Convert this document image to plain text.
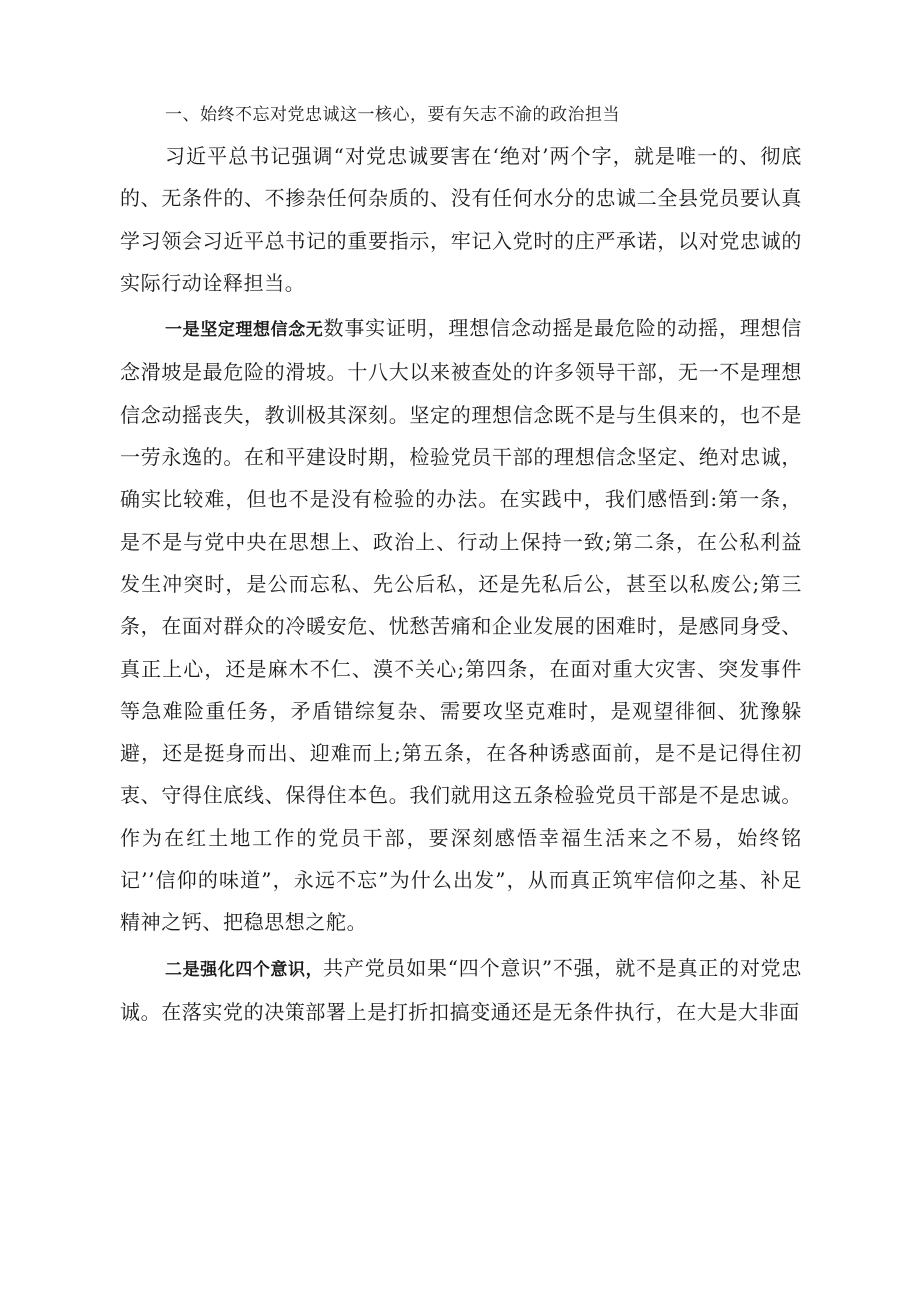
一、始终不忘对党忠诚这一核心，要有矢志不渝的政治担当

习近平总书记强调“对党忠诚要害在‘绝对’两个字，就是唯一的、彻底的、无条件的、不掺杂任何杂质的、没有任何水分的忠诚二全县党员要认真学习领会习近平总书记的重要指示，牢记入党时的庄严承诺，以对党忠诚的实际行动诠释担当。

一是坚定理想信念无数事实证明，理想信念动摇是最危险的动摇，理想信念滑坡是最危险的滑坡。十八大以来被查处的许多领导干部，无一不是理想信念动摇丧失，教训极其深刻。坚定的理想信念既不是与生俱来的，也不是一劳永逸的。在和平建设时期，检验党员干部的理想信念坚定、绝对忠诚，确实比较难，但也不是没有检验的办法。在实践中，我们感悟到:第一条，是不是与党中央在思想上、政治上、行动上保持一致;第二条，在公私利益发生冲突时，是公而忘私、先公后私，还是先私后公，甚至以私废公;第三条，在面对群众的冷暖安危、忧愁苦痛和企业发展的困难时，是感同身受、真正上心，还是麻木不仁、漠不关心;第四条，在面对重大灾害、突发事件等急难险重任务，矛盾错综复杂、需要攻坚克难时，是观望徘徊、犹豫躲避，还是挺身而出、迎难而上;第五条，在各种诱惑面前，是不是记得住初衷、守得住底线、保得住本色。我们就用这五条检验党员干部是不是忠诚。作为在红土地工作的党员干部，要深刻感悟幸福生活来之不易，始终铭记’’信仰的味道”，永远不忘”为什么出发”，从而真正筑牢信仰之基、补足精神之钙、把稳思想之舵。

二是强化四个意识，共产党员如果“四个意识”不强，就不是真正的对党忠诚。在落实党的决策部署上是打折扣搞变通还是无条件执行，在大是大非面
